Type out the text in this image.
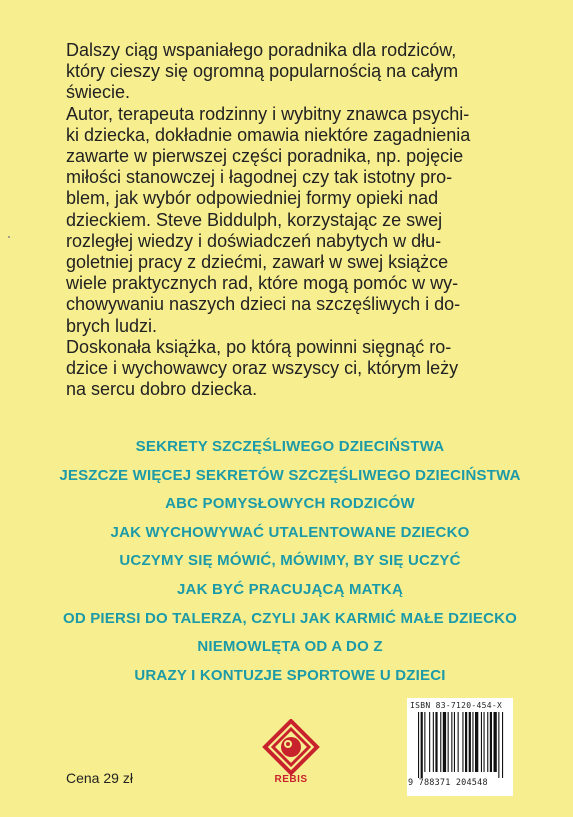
Dalszy ciąg wspaniałego poradnika dla rodziców,

który cieszy się ogromną popularnością na całym

świecie.

Autor, terapeuta rodzinny i wybitny znawca psychi-

ki dziecka, dokładnie omawia niektóre zagadnienia

zawarte w pierwszej części poradnika, np. pojęcie

miłości stanowczej i łagodnej czy tak istotny pro-

blem, jak wybór odpowiedniej formy opieki nad

dzieckiem. Steve Biddulph, korzystając ze swej

rozległej wiedzy i doświadczeń nabytych w dłu-

goletniej pracy z dziećmi, zawarł w swej książce

wiele praktycznych rad, które mogą pomóc w wy-

chowywaniu naszych dzieci na szczęśliwych i do-

brych ludzi.

Doskonała książka, po którą powinni sięgnąć ro-

dzice i wychowawcy oraz wszyscy ci, którym leży

na sercu dobro dziecka.

SEKRETY SZCZĘŚLIWEGO DZIECIŃSTWA
JESZCZE WIĘCEJ SEKRETÓW SZCZĘŚLIWEGO DZIECIŃSTWA
ABC POMYSŁOWYCH RODZICÓW
JAK WYCHOWYWAĆ UTALENTOWANE DZIECKO
UCZYMY SIĘ MÓWIĆ, MÓWIMY, BY SIĘ UCZYĆ
JAK BYĆ PRACUJĄCĄ MATKĄ
OD PIERSI DO TALERZA, CZYLI JAK KARMIĆ MAŁE DZIECKO
NIEMOWLĘTA OD A DO Z
URAZY I KONTUZJE SPORTOWE U DZIECI
Cena 29 zł	REBIS
ISBN 83-7120-454-X
9 788371 204548
